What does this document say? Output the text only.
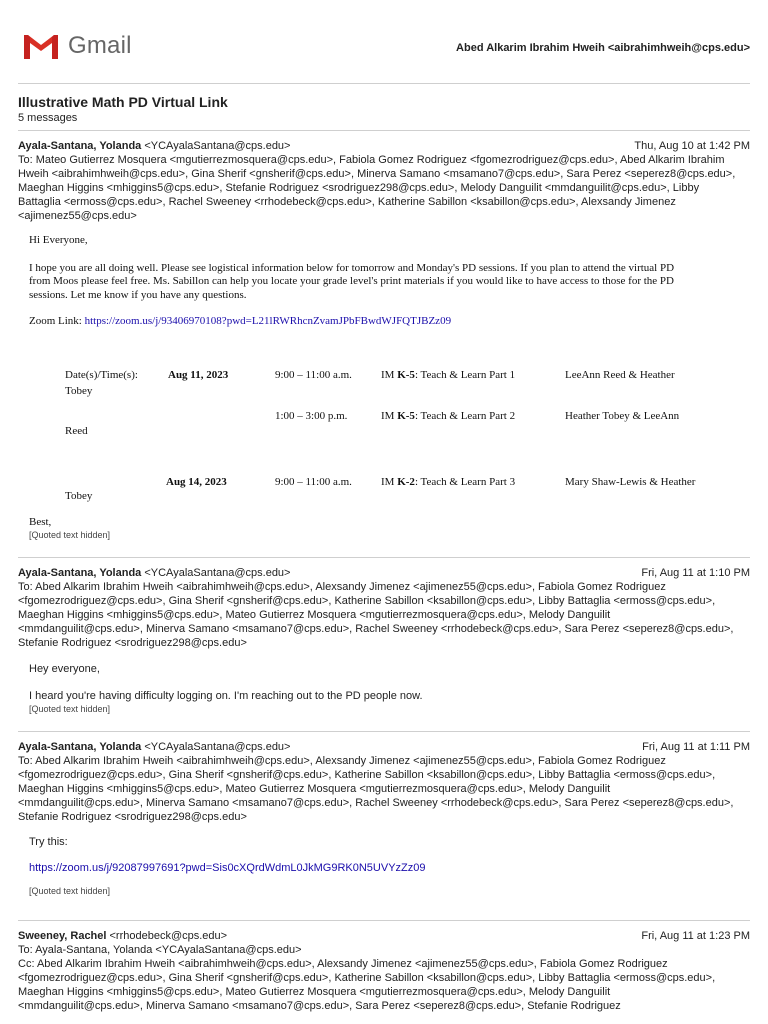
Gmail	Abed Alkarim Ibrahim Hweih <aibrahimhweih@cps.edu>
Illustrative Math PD Virtual Link
5 messages
Ayala-Santana, Yolanda <YCAyalaSantana@cps.edu>	Thu, Aug 10 at 1:42 PM
To: Mateo Gutierrez Mosquera <mgutierrezmosquera@cps.edu>, Fabiola Gomez Rodriguez <fgomezrodriguez@cps.edu>, Abed Alkarim Ibrahim
Hweih <aibrahimhweih@cps.edu>, Gina Sherif <gnsherif@cps.edu>, Minerva Samano <msamano7@cps.edu>, Sara Perez <seperez8@cps.edu>,
Maeghan Higgins <mhiggins5@cps.edu>, Stefanie Rodriguez <srodriguez298@cps.edu>, Melody Danguilit <mmdanguilit@cps.edu>, Libby
Battaglia <ermoss@cps.edu>, Rachel Sweeney <rrhodebeck@cps.edu>, Katherine Sabillon <ksabillon@cps.edu>, Alexsandy Jimenez
<ajimenez55@cps.edu>

Hi Everyone,

I hope you are all doing well. Please see logistical information below for tomorrow and Monday's PD sessions. If you plan to attend the virtual PD

from Moos please feel free. Ms. Sabillon can help you locate your grade level's print materials if you would like to have access to those for the PD

sessions. Let me know if you have any questions.

Zoom Link: https://zoom.us/j/93406970108?pwd=L21lRWRhcnZvamJPbFBwdWJFQTJBZz09

Date(s)/Time(s):	Aug 11, 2023	9:00 – 11:00 a.m.	IM K-5: Teach & Learn Part 1	LeeAnn Reed & Heather
Tobey
1:00 – 3:00 p.m.	IM K-5: Teach & Learn Part 2	Heather Tobey & LeeAnn
Reed
Aug 14, 2023	9:00 – 11:00 a.m.	IM K-2: Teach & Learn Part 3	Mary Shaw-Lewis & Heather
Tobey
Best,
[Quoted text hidden]
Ayala-Santana, Yolanda <YCAyalaSantana@cps.edu>	Fri, Aug 11 at 1:10 PM
To: Abed Alkarim Ibrahim Hweih <aibrahimhweih@cps.edu>, Alexsandy Jimenez <ajimenez55@cps.edu>, Fabiola Gomez Rodriguez
<fgomezrodriguez@cps.edu>, Gina Sherif <gnsherif@cps.edu>, Katherine Sabillon <ksabillon@cps.edu>, Libby Battaglia <ermoss@cps.edu>,
Maeghan Higgins <mhiggins5@cps.edu>, Mateo Gutierrez Mosquera <mgutierrezmosquera@cps.edu>, Melody Danguilit
<mmdanguilit@cps.edu>, Minerva Samano <msamano7@cps.edu>, Rachel Sweeney <rrhodebeck@cps.edu>, Sara Perez <seperez8@cps.edu>,
Stefanie Rodriguez <srodriguez298@cps.edu>
Hey everyone,
I heard you're having difficulty logging on. I'm reaching out to the PD people now.
[Quoted text hidden]
Ayala-Santana, Yolanda <YCAyalaSantana@cps.edu>	Fri, Aug 11 at 1:11 PM
To: Abed Alkarim Ibrahim Hweih <aibrahimhweih@cps.edu>, Alexsandy Jimenez <ajimenez55@cps.edu>, Fabiola Gomez Rodriguez
<fgomezrodriguez@cps.edu>, Gina Sherif <gnsherif@cps.edu>, Katherine Sabillon <ksabillon@cps.edu>, Libby Battaglia <ermoss@cps.edu>,
Maeghan Higgins <mhiggins5@cps.edu>, Mateo Gutierrez Mosquera <mgutierrezmosquera@cps.edu>, Melody Danguilit
<mmdanguilit@cps.edu>, Minerva Samano <msamano7@cps.edu>, Rachel Sweeney <rrhodebeck@cps.edu>, Sara Perez <seperez8@cps.edu>,
Stefanie Rodriguez <srodriguez298@cps.edu>
Try this:
https://zoom.us/j/92087997691?pwd=Sis0cXQrdWdmL0JkMG9RK0N5UVYzZz09
[Quoted text hidden]
Sweeney, Rachel <rrhodebeck@cps.edu>	Fri, Aug 11 at 1:23 PM
To: Ayala-Santana, Yolanda <YCAyalaSantana@cps.edu>
Cc: Abed Alkarim Ibrahim Hweih <aibrahimhweih@cps.edu>, Alexsandy Jimenez <ajimenez55@cps.edu>, Fabiola Gomez Rodriguez
<fgomezrodriguez@cps.edu>, Gina Sherif <gnsherif@cps.edu>, Katherine Sabillon <ksabillon@cps.edu>, Libby Battaglia <ermoss@cps.edu>,
Maeghan Higgins <mhiggins5@cps.edu>, Mateo Gutierrez Mosquera <mgutierrezmosquera@cps.edu>, Melody Danguilit
<mmdanguilit@cps.edu>, Minerva Samano <msamano7@cps.edu>, Sara Perez <seperez8@cps.edu>, Stefanie Rodriguez
